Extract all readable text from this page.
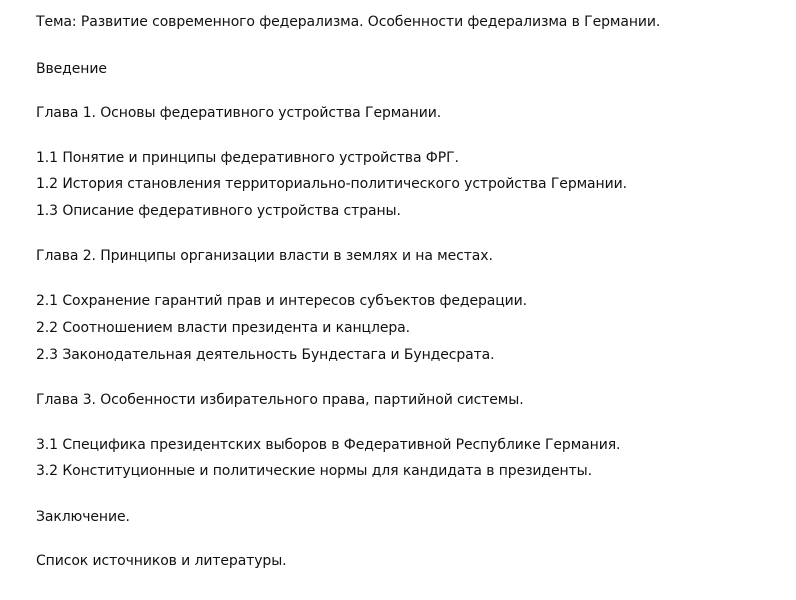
Тема: Развитие современного федерализма. Особенности федерализма в Германии.
Введение
Глава 1. Основы федеративного устройства Германии.
1.1 Понятие и принципы федеративного устройства ФРГ.
1.2 История становления территориально-политического устройства Германии.
1.3 Описание федеративного устройства страны.
Глава 2. Принципы организации власти в землях и на местах.
2.1 Сохранение гарантий прав и интересов субъектов федерации.
2.2 Соотношением власти президента и канцлера.
2.3 Законодательная деятельность Бундестага и Бундесрата.
Глава 3. Особенности избирательного права, партийной системы.
3.1 Специфика президентских выборов в Федеративной Республике Германия.
3.2 Конституционные и политические нормы для кандидата в президенты.
Заключение.
Список источников и литературы.
